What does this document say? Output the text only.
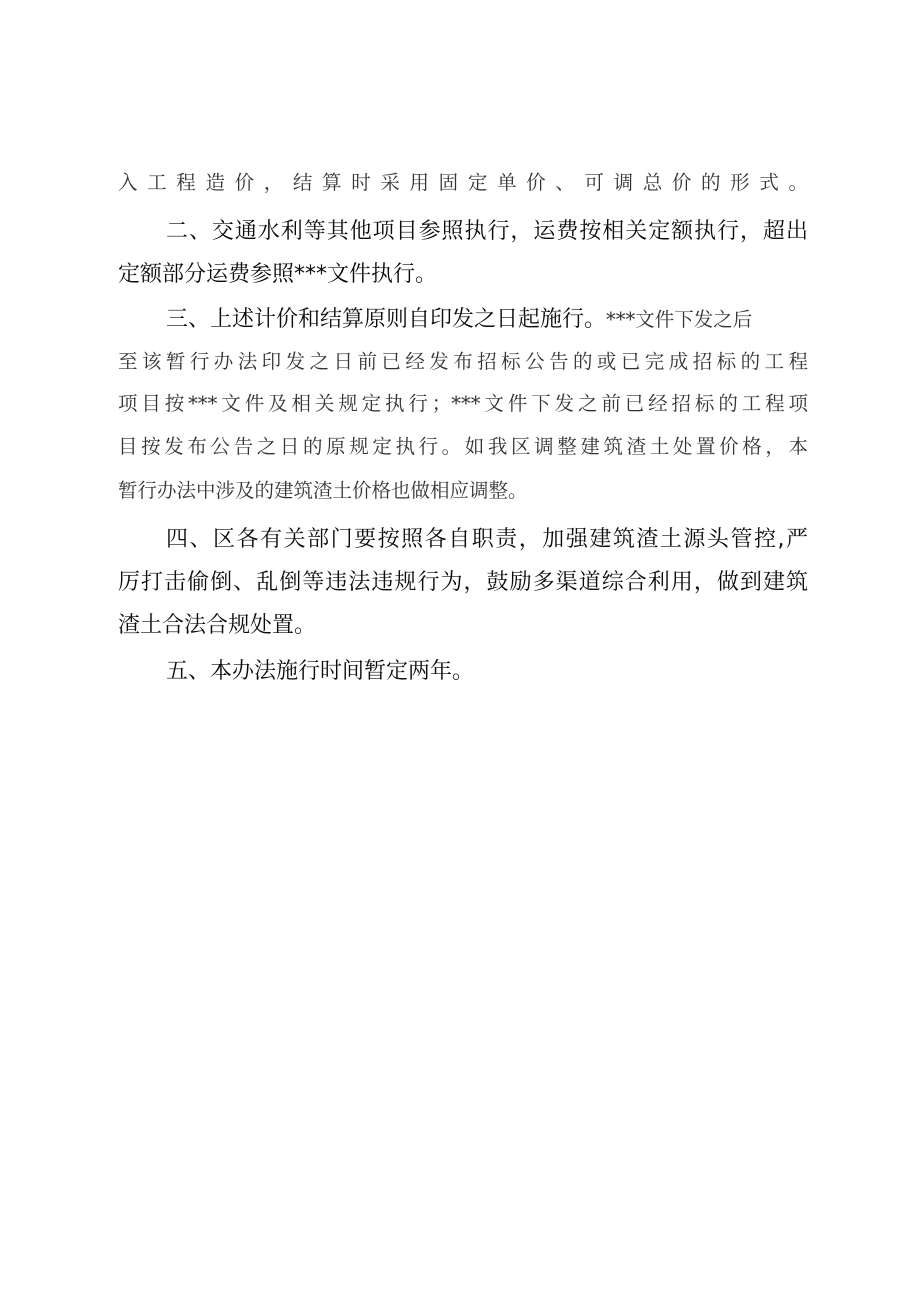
入工程造价，结算时采用固定单价、可调总价的形式。
二、交通水利等其他项目参照执行，运费按相关定额执行，超出
定额部分运费参照***文件执行。
三、上述计价和结算原则自印发之日起施行。***文件下发之后
至该暂行办法印发之日前已经发布招标公告的或已完成招标的工程
项目按***文件及相关规定执行；***文件下发之前已经招标的工程项
目按发布公告之日的原规定执行。如我区调整建筑渣土处置价格，本
暂行办法中涉及的建筑渣土价格也做相应调整。
四、区各有关部门要按照各自职责，加强建筑渣土源头管控,严
厉打击偷倒、乱倒等违法违规行为，鼓励多渠道综合利用，做到建筑
渣土合法合规处置。
五、本办法施行时间暂定两年。
